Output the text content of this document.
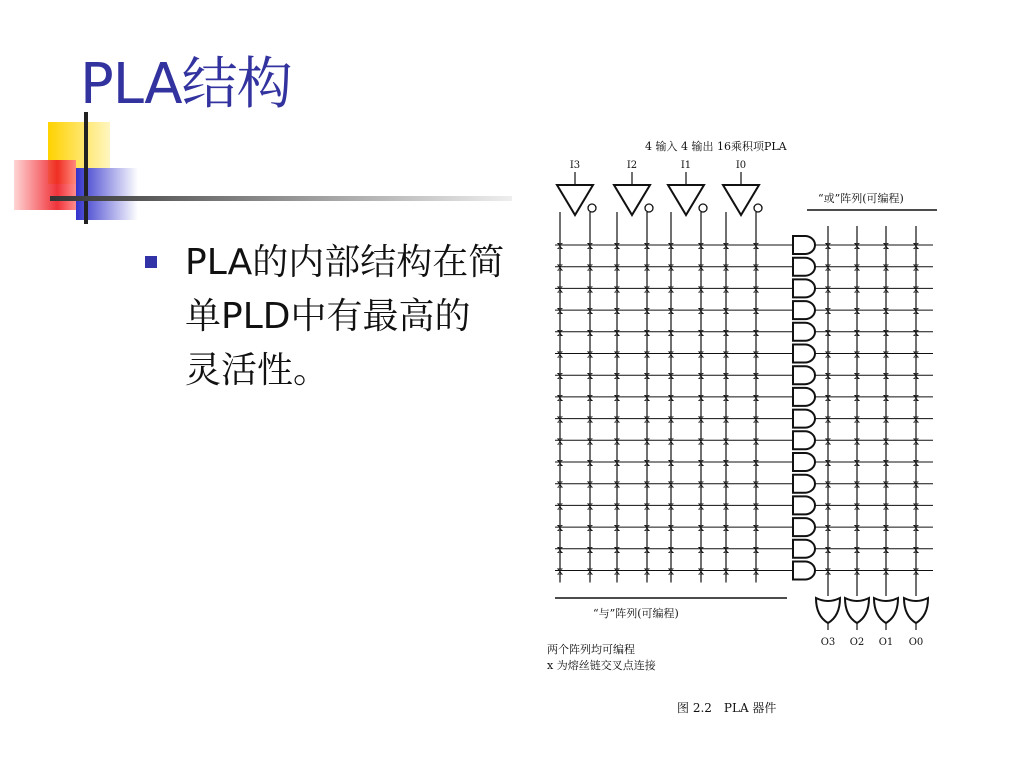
PLA结构
PLA的内部结构在简单PLD中有最高的灵活性。
4 输入 4 输出 16乘积项PLA
I3	I2	I1	I0
“或”阵列(可编程)
x x x x x x x x	x x x x
x x x x x x x x	x x x x
x x x x x x x x	x x x x
x x x x x x x x	x x x x
x x x x x x x x	x x x x
x x x x x x x x	x x x x
x x x x x x x x	x x x x
x x x x x x x x	x x x x
x x x x x x x x	x x x x
x x x x x x x x	x x x x
x x x x x x x x	x x x x
x x x x x x x x	x x x x
x x x x x x x x	x x x x
x x x x x x x x	x x x x
x x x x x x x x	x x x x
x x x x x x x x	x x x x
“与”阵列(可编程)
O3 O2 O1 O0
两个阵列均可编程
x 为熔丝链交叉点连接
图 2.2　PLA 器件
